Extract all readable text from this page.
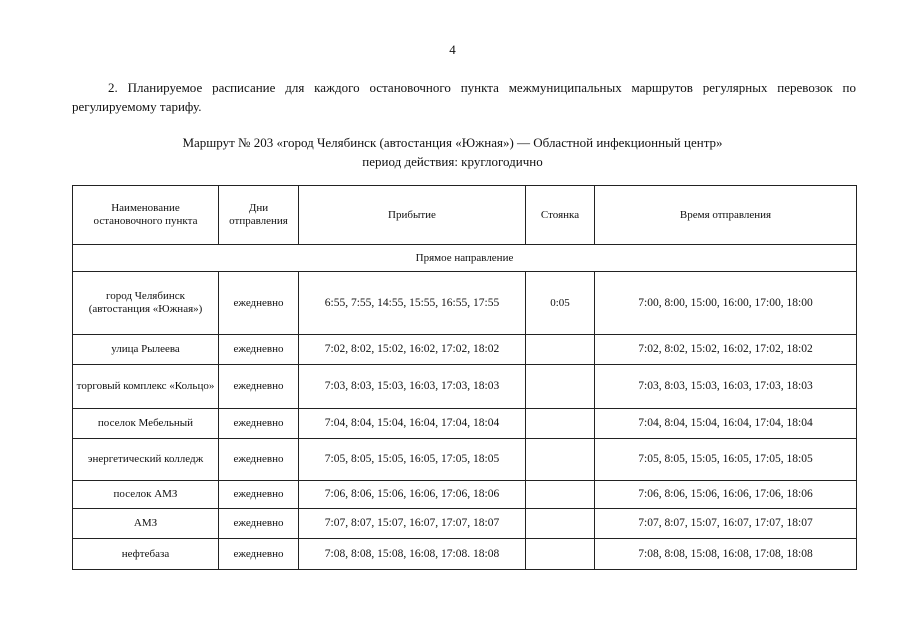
4
2. Планируемое расписание для каждого остановочного пункта межмуниципальных маршрутов регулярных перевозок по регулируемому тарифу.
Маршрут № 203 «город Челябинск (автостанция «Южная») — Областной инфекционный центр»
период действия: круглогодично
Наименование остановочного пункта	Дни отправления	Прибытие	Стоянка	Время отправления
Прямое направление				
город Челябинск (автостанция «Южная»)	ежедневно	6:55, 7:55, 14:55, 15:55, 16:55, 17:55	0:05	7:00, 8:00, 15:00, 16:00, 17:00, 18:00
улица Рылеева	ежедневно	7:02, 8:02, 15:02, 16:02, 17:02, 18:02		7:02, 8:02, 15:02, 16:02, 17:02, 18:02
торговый комплекс «Кольцо»	ежедневно	7:03, 8:03, 15:03, 16:03, 17:03, 18:03		7:03, 8:03, 15:03, 16:03, 17:03, 18:03
поселок Мебельный	ежедневно	7:04, 8:04, 15:04, 16:04, 17:04, 18:04		7:04, 8:04, 15:04, 16:04, 17:04, 18:04
энергетический колледж	ежедневно	7:05, 8:05, 15:05, 16:05, 17:05, 18:05		7:05, 8:05, 15:05, 16:05, 17:05, 18:05
поселок АМЗ	ежедневно	7:06, 8:06, 15:06, 16:06, 17:06, 18:06		7:06, 8:06, 15:06, 16:06, 17:06, 18:06
АМЗ	ежедневно	7:07, 8:07, 15:07, 16:07, 17:07, 18:07		7:07, 8:07, 15:07, 16:07, 17:07, 18:07
нефтебаза	ежедневно	7:08, 8:08, 15:08, 16:08, 17:08. 18:08		7:08, 8:08, 15:08, 16:08, 17:08, 18:08
